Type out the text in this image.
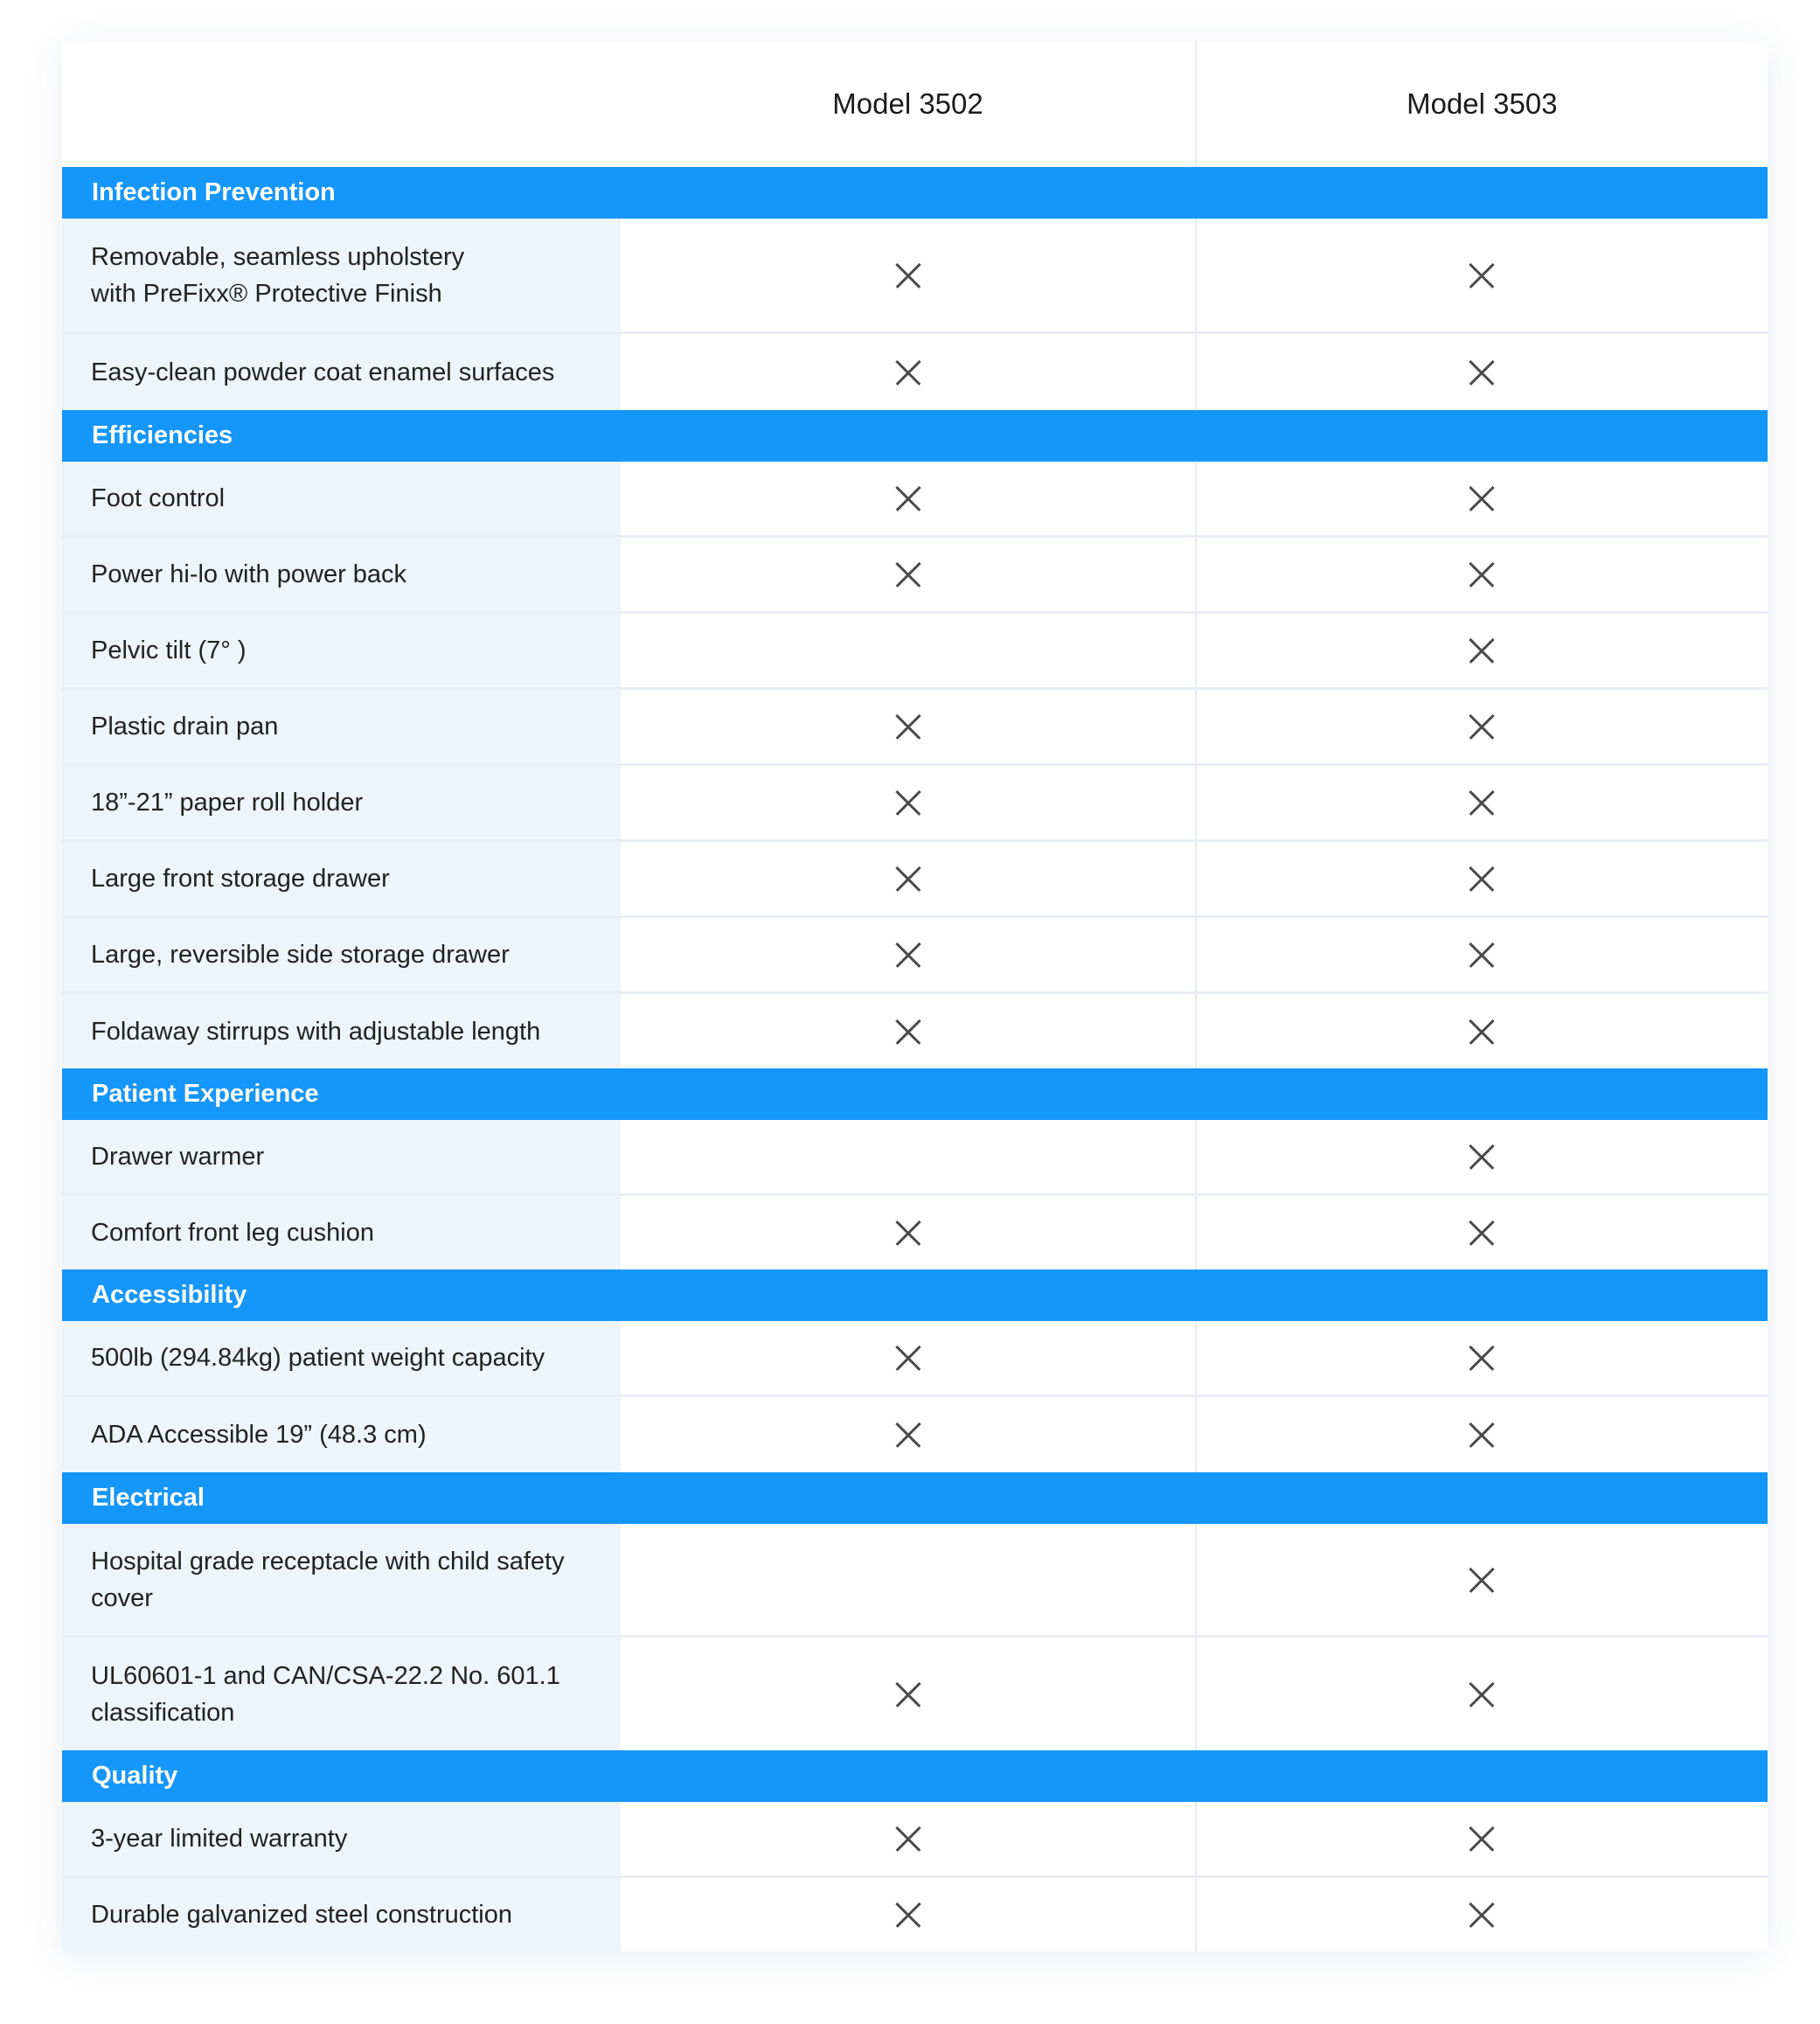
Model 3502	Model 3503
Infection Prevention
Removable, seamless upholstery
with PreFixx® Protective Finish
Easy-clean powder coat enamel surfaces
Efficiencies
Foot control
Power hi-lo with power back
Pelvic tilt (7° )
Plastic drain pan
18”-21” paper roll holder
Large front storage drawer
Large, reversible side storage drawer
Foldaway stirrups with adjustable length
Patient Experience
Drawer warmer
Comfort front leg cushion
Accessibility
500lb (294.84kg) patient weight capacity
ADA Accessible 19” (48.3 cm)
Electrical
Hospital grade receptacle with child safety
cover
UL60601-1 and CAN/CSA-22.2 No. 601.1
classification
Quality
3-year limited warranty
Durable galvanized steel construction
